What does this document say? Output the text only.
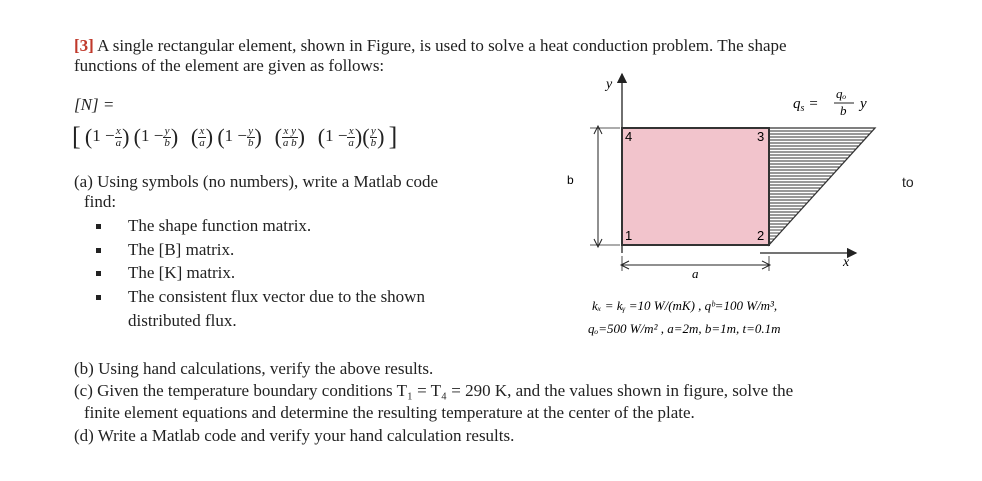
[3] A single rectangular element, shown in Figure, is used to solve a heat conduction problem. The shape
functions of the element are given as follows:
[N] =
[ ($1 - \frac{x}{a}$ ) ($1 - \frac{y}{b}$ ) ( $\frac{x}{a}$ ) ($1 - \frac{y}{b}$ ) ( $\frac{\text{x y}}{\text{a b}}$ ) ($1 - \frac{x}{a}$ )( $\frac{y}{b}$ ) ]
(a) Using symbols (no numbers), write a Matlab code
find:
to
The shape function matrix.
The [B] matrix.
The [K] matrix.
The consistent flux vector due to the shown
distributed flux.
(b) Using hand calculations, verify the above results.
(c) Given the temperature boundary conditions T₁ = T₄ = 290 K, and the values shown in figure, solve the
finite element equations and determine the resulting temperature at the center of the plate.
(d) Write a Matlab code and verify your hand calculation results.
y
x
$q_s$ =
qₒ
b y
4	3
1	2
b
a
kₓ = kᵧ =10 W/(mK) , qᵇ=100 W/m³,
qₒ=500 W/m² , a=2m, b=1m, t=0.1m
